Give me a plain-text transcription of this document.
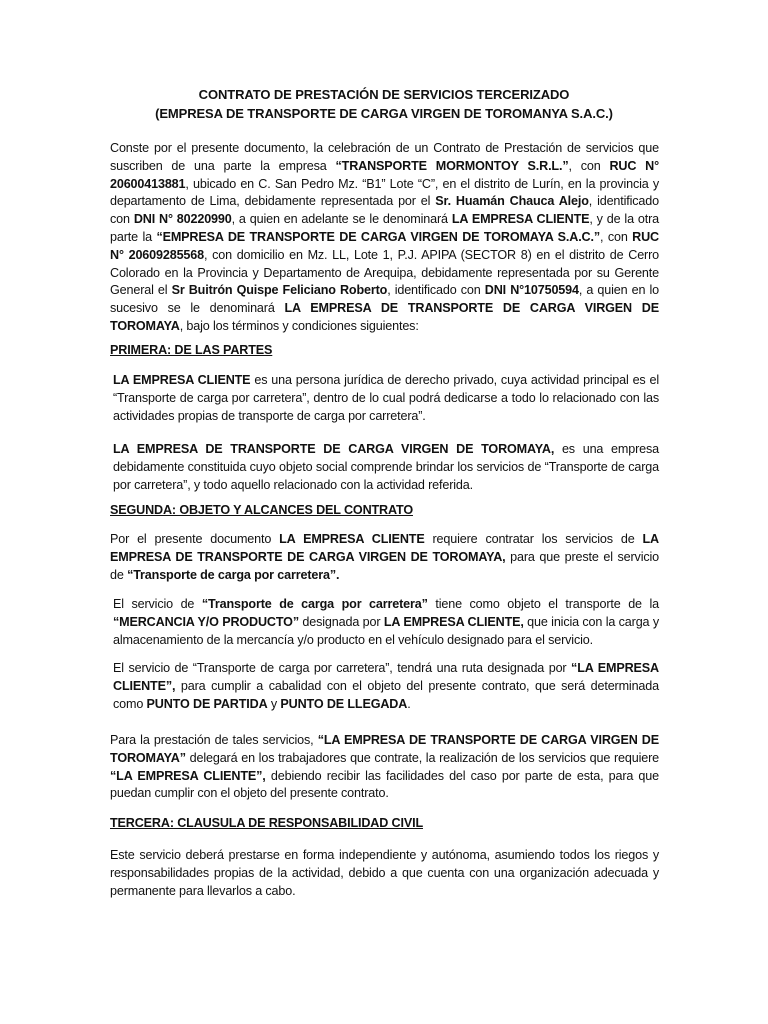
CONTRATO DE PRESTACIÓN DE SERVICIOS TERCERIZADO
(EMPRESA DE TRANSPORTE DE CARGA VIRGEN DE TOROMANYA S.A.C.)
Conste por el presente documento, la celebración de un Contrato de Prestación de servicios que suscriben de una parte la empresa “TRANSPORTE MORMONTOY S.R.L.”, con RUC N° 20600413881, ubicado en C. San Pedro Mz. “B1” Lote “C”, en el distrito de Lurín, en la provincia y departamento de Lima, debidamente representada por el Sr. Huamán Chauca Alejo, identificado con DNI N° 80220990, a quien en adelante se le denominará LA EMPRESA CLIENTE, y de la otra parte la “EMPRESA DE TRANSPORTE DE CARGA VIRGEN DE TOROMAYA S.A.C.”, con RUC N° 20609285568, con domicilio en Mz. LL, Lote 1, P.J. APIPA (SECTOR 8) en el distrito de Cerro Colorado en la Provincia y Departamento de Arequipa, debidamente representada por su Gerente General el Sr Buitrón Quispe Feliciano Roberto, identificado con DNI N°10750594, a quien en lo sucesivo se le denominará LA EMPRESA DE TRANSPORTE DE CARGA VIRGEN DE TOROMAYA, bajo los términos y condiciones siguientes:
PRIMERA: DE LAS PARTES
LA EMPRESA CLIENTE es una persona jurídica de derecho privado, cuya actividad principal es el “Transporte de carga por carretera”, dentro de lo cual podrá dedicarse a todo lo relacionado con las actividades propias de transporte de carga por carretera”.
LA EMPRESA DE TRANSPORTE DE CARGA VIRGEN DE TOROMAYA, es una empresa debidamente constituida cuyo objeto social comprende brindar los servicios de “Transporte de carga por carretera”, y todo aquello relacionado con la actividad referida.
SEGUNDA: OBJETO Y ALCANCES DEL CONTRATO
Por el presente documento LA EMPRESA CLIENTE requiere contratar los servicios de LA EMPRESA DE TRANSPORTE DE CARGA VIRGEN DE TOROMAYA, para que preste el servicio de “Transporte de carga por carretera”.
El servicio de “Transporte de carga por carretera” tiene como objeto el transporte de la “MERCANCIA Y/O PRODUCTO” designada por LA EMPRESA CLIENTE, que inicia con la carga y almacenamiento de la mercancía y/o producto en el vehículo designado para el servicio.
El servicio de “Transporte de carga por carretera”, tendrá una ruta designada por “LA EMPRESA CLIENTE”, para cumplir a cabalidad con el objeto del presente contrato, que será determinada como PUNTO DE PARTIDA y PUNTO DE LLEGADA.
Para la prestación de tales servicios, “LA EMPRESA DE TRANSPORTE DE CARGA VIRGEN DE TOROMAYA” delegará en los trabajadores que contrate, la realización de los servicios que requiere “LA EMPRESA CLIENTE”, debiendo recibir las facilidades del caso por parte de esta, para que puedan cumplir con el objeto del presente contrato.
TERCERA: CLAUSULA DE RESPONSABILIDAD CIVIL
Este servicio deberá prestarse en forma independiente y autónoma, asumiendo todos los riegos y responsabilidades propias de la actividad, debido a que cuenta con una organización adecuada y permanente para llevarlos a cabo.
